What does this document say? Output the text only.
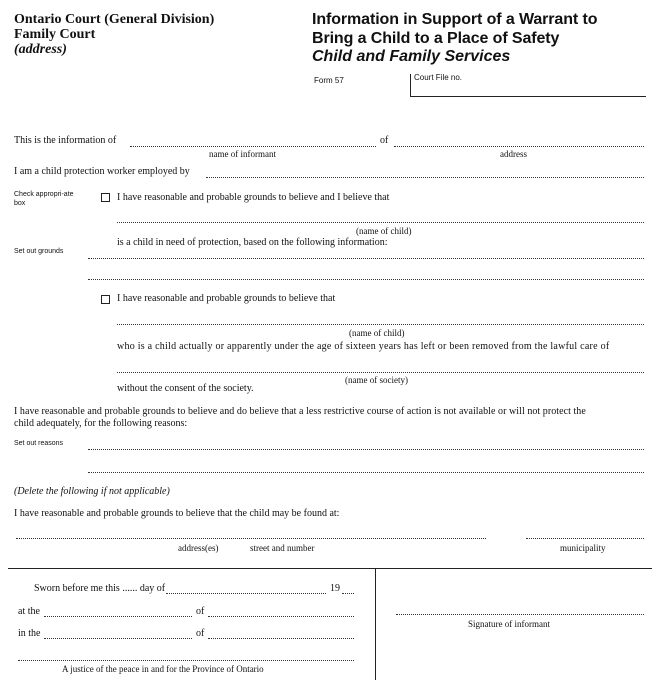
Ontario Court (General Division)
Family Court
(address)
Information in Support of a Warrant to
Bring a Child to a Place of Safety
Child and Family Services
Form 57	Court File no.
This is the information of	of
name of informant	address
I am a child protection worker employed by
Check appropri-ate box
I have reasonable and probable grounds to believe and I believe that
(name of child)
is a child in need of protection, based on the following information:
Set out grounds
I have reasonable and probable grounds to believe that
(name of child)
who is a child actually or apparently under the age of sixteen years has left or been removed from the lawful care of
(name of society)
without the consent of the society.
I have reasonable and probable grounds to believe and do believe that a less restrictive course of action is not available or will not protect the
child adequately, for the following reasons:
Set out reasons
(Delete the following if not applicable)
I have reasonable and probable grounds to believe that the child may be found at:
address(es)	street and number	municipality
Sworn before me this ...... day of	19
at the	of
in the	of
A justice of the peace in and for the Province of Ontario
Signature of informant
